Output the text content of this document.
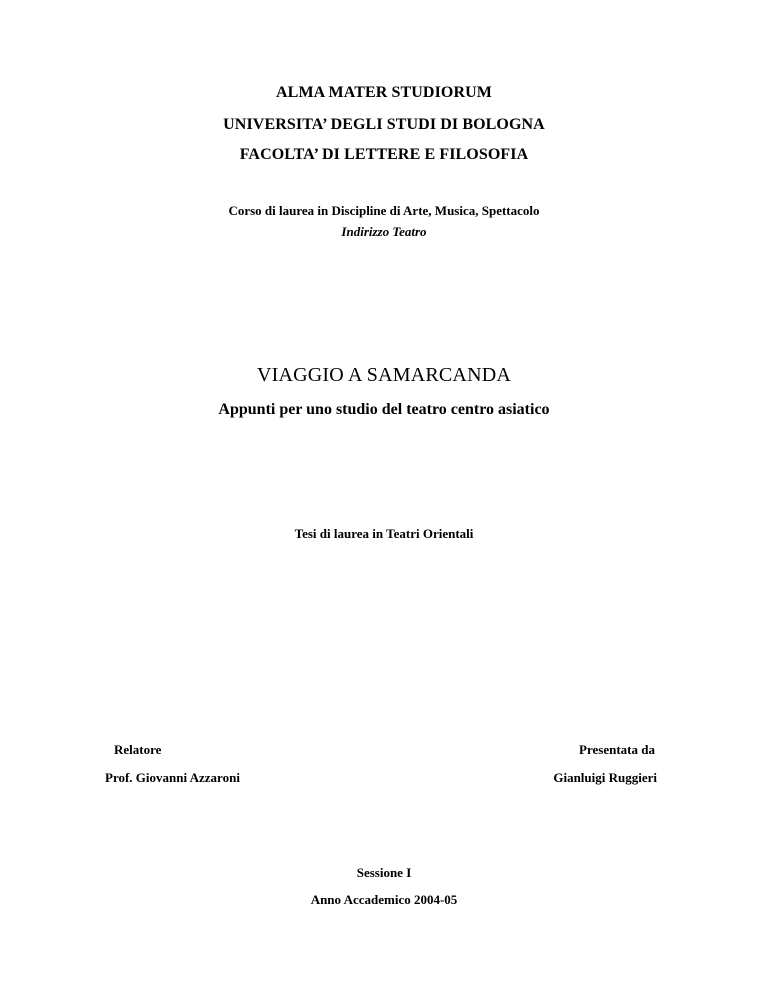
ALMA MATER STUDIORUM
UNIVERSITA’ DEGLI STUDI DI BOLOGNA
FACOLTA’ DI LETTERE E FILOSOFIA
Corso di laurea in Discipline di Arte, Musica, Spettacolo
Indirizzo Teatro
VIAGGIO A SAMARCANDA
Appunti per uno studio del teatro centro asiatico
Tesi di laurea in Teatri Orientali
Relatore
Prof. Giovanni Azzaroni
Presentata da
Gianluigi Ruggieri
Sessione I
Anno Accademico 2004-05
